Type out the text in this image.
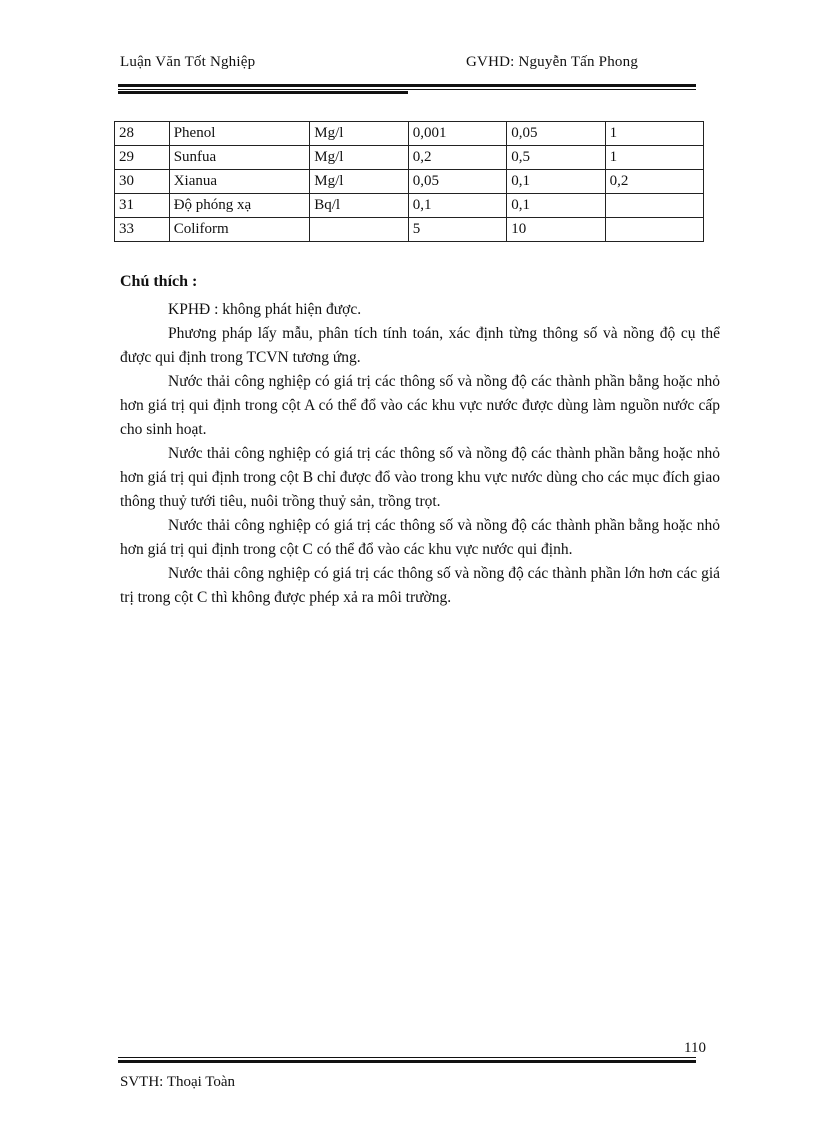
Luận Văn Tốt Nghiệp	GVHD: Nguyễn Tấn Phong
28	Phenol	Mg/l	0,001	0,05	1
29	Sunfua	Mg/l	0,2	0,5	1
30	Xianua	Mg/l	0,05	0,1	0,2
31	Độ phóng xạ	Bq/l	0,1	0,1	
33	Coliform		5	10	
Chú thích :

KPHĐ : không phát hiện được.

Phương pháp lấy mẫu, phân tích tính toán, xác định từng thông số và nồng độ cụ thể được qui định trong TCVN tương ứng.

Nước thải công nghiệp có giá trị các thông số và nồng độ các thành phần bằng hoặc nhỏ hơn giá trị qui định trong cột A có thể đổ vào các khu vực nước được dùng làm nguồn nước cấp cho sinh hoạt.

Nước thải công nghiệp có giá trị các thông số và nồng độ các thành phần bằng hoặc nhỏ hơn giá trị qui định trong cột B chỉ được đổ vào trong khu vực nước dùng cho các mục đích giao thông thuỷ tưới tiêu, nuôi trồng thuỷ sản, trồng trọt.

Nước thải công nghiệp có giá trị các thông số và nồng độ các thành phần bằng hoặc nhỏ hơn giá trị qui định trong cột C có thể đổ vào các khu vực nước qui định.

Nước thải công nghiệp có giá trị các thông số và nồng độ các thành phần lớn hơn các giá trị trong cột C thì không được phép xả ra môi trường.

110
SVTH: Thoại Toàn
